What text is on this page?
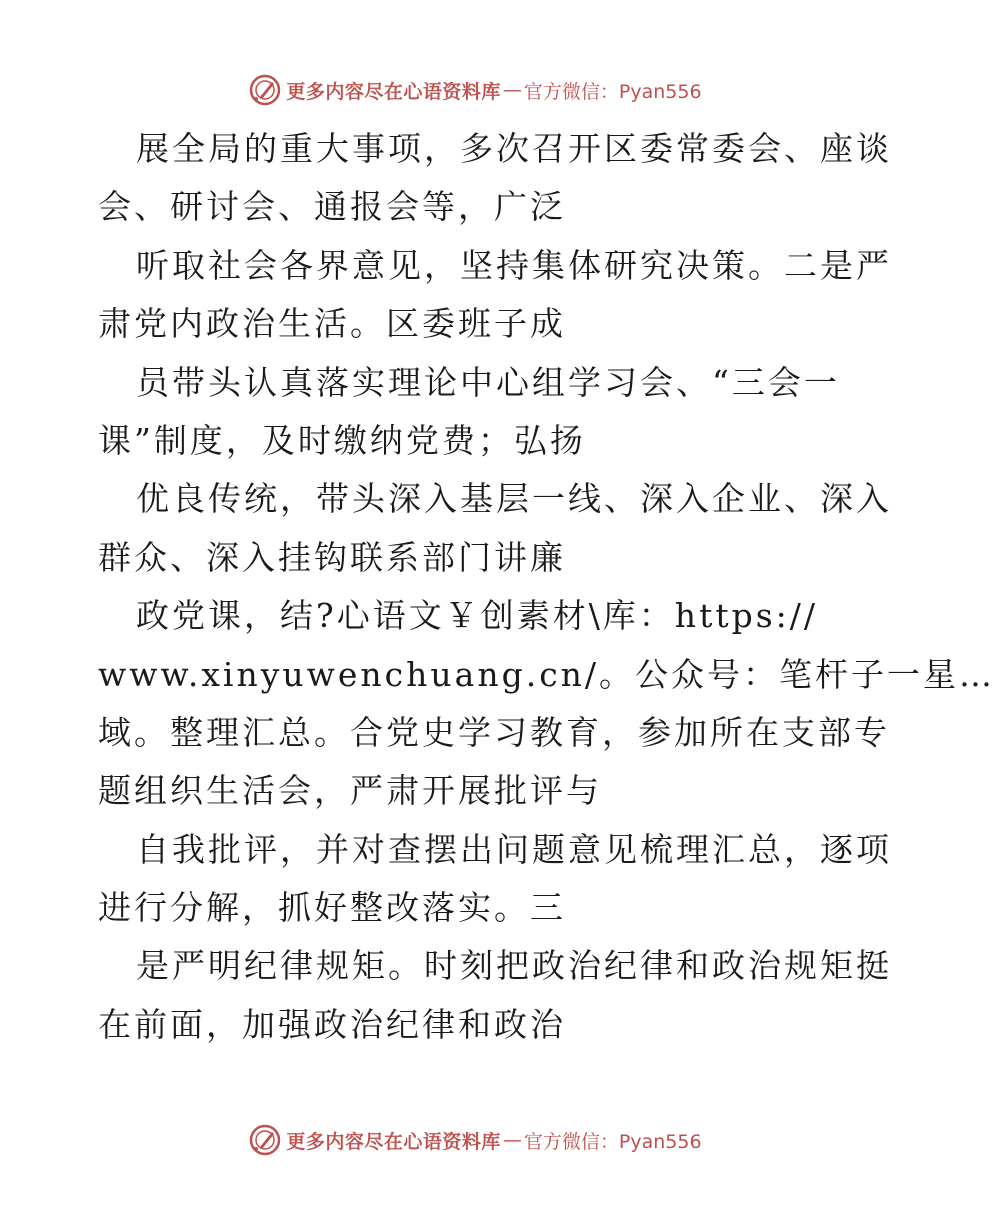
更多内容尽在心语资料库 — 官方微信：Pyan556
展全局的重大事项，多次召开区委常委会、座谈
会、研讨会、通报会等，广泛
听取社会各界意见，坚持集体研究决策。二是严
肃党内政治生活。区委班子成
员带头认真落实理论中心组学习会、“三会一
课”制度，及时缴纳党费；弘扬
优良传统，带头深入基层一线、深入企业、深入
群众、深入挂钩联系部门讲廉
政党课，结?心语文￥创素材\库：https://
www.xinyuwenchuang.cn/。公众号：笔杆子一星…
域。整理汇总。合党史学习教育，参加所在支部专
题组织生活会，严肃开展批评与
自我批评，并对查摆出问题意见梳理汇总，逐项
进行分解，抓好整改落实。三
是严明纪律规矩。时刻把政治纪律和政治规矩挺
在前面，加强政治纪律和政治
更多内容尽在心语资料库 — 官方微信：Pyan556
